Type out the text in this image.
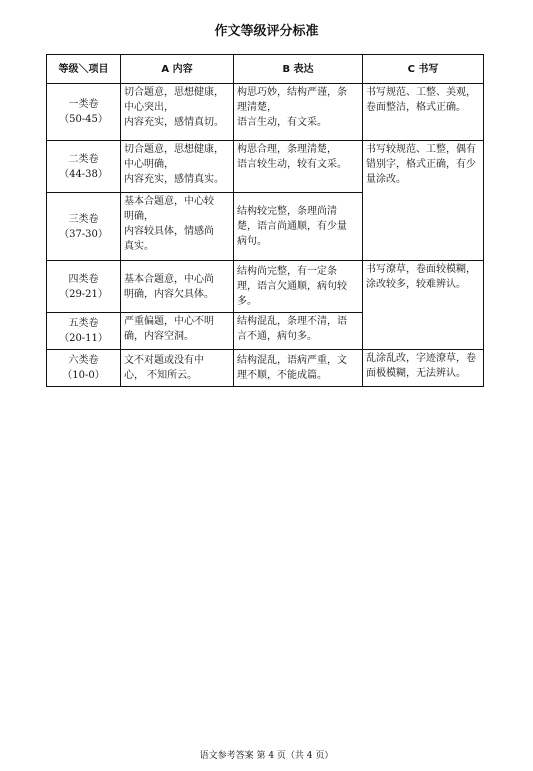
作文等级评分标准
等级＼项目	A 内容	B 表达	C 书写

一类卷
（50-45）	切合题意，思想健康，
中心突出，
内容充实，感情真切。	构思巧妙，结构严谨，条
理清楚，
语言生动，有文采。	书写规范、工整、美观，
卷面整洁，格式正确。

二类卷
（44-38）	切合题意，思想健康，
中心明确，
内容充实，感情真实。	构思合理，条理清楚，
语言较生动，较有文采。	书写较规范、工整，偶有
错别字，格式正确，有少
量涂改。

三类卷
（37-30）	基本合题意，中心较
明确，
内容较具体，情感尚
真实。	结构较完整，条理尚清
楚，语言尚通顺，有少量
病句。	

四类卷
（29-21）	基本合题意，中心尚
明确，内容欠具体。	结构尚完整，有一定条
理，语言欠通顺，病句较
多。	书写潦草，卷面较模糊，
涂改较多，较难辨认。

五类卷
（20-11）	严重偏题，中心不明
确，内容空洞。	结构混乱，条理不清，语
言不通，病句多。	

六类卷
（10-0）	文不对题或没有中
心， 不知所云。	结构混乱，语病严重，文
理不顺，不能成篇。	乱涂乱改，字迹潦草，卷
面极模糊，无法辨认。
语文参考答案 第 4 页（共 4 页）
